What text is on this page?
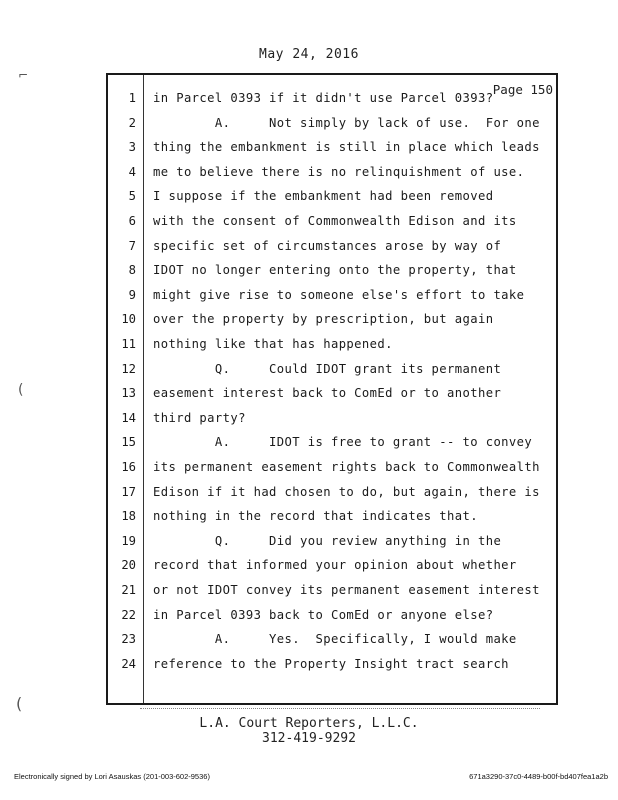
May 24, 2016
Page 150
1 in Parcel 0393 if it didn't use Parcel 0393?
2 A.     Not simply by lack of use.  For one
3 thing the embankment is still in place which leads
4 me to believe there is no relinquishment of use.
5 I suppose if the embankment had been removed
6 with the consent of Commonwealth Edison and its
7 specific set of circumstances arose by way of
8 IDOT no longer entering onto the property, that
9 might give rise to someone else's effort to take
10 over the property by prescription, but again
11 nothing like that has happened.
12 Q.     Could IDOT grant its permanent
13 easement interest back to ComEd or to another
14 third party?
15 A.     IDOT is free to grant -- to convey
16 its permanent easement rights back to Commonwealth
17 Edison if it had chosen to do, but again, there is
18 nothing in the record that indicates that.
19 Q.     Did you review anything in the
20 record that informed your opinion about whether
21 or not IDOT convey its permanent easement interest
22 in Parcel 0393 back to ComEd or anyone else?
23 A.     Yes.  Specifically, I would make
24 reference to the Property Insight tract search
L.A. Court Reporters, L.L.C.
312-419-9292
Electronically signed by Lori Asauskas (201-003-602-9536)	671a3290-37c0-4489-b00f-bd407fea1a2b
⌐
(
(
